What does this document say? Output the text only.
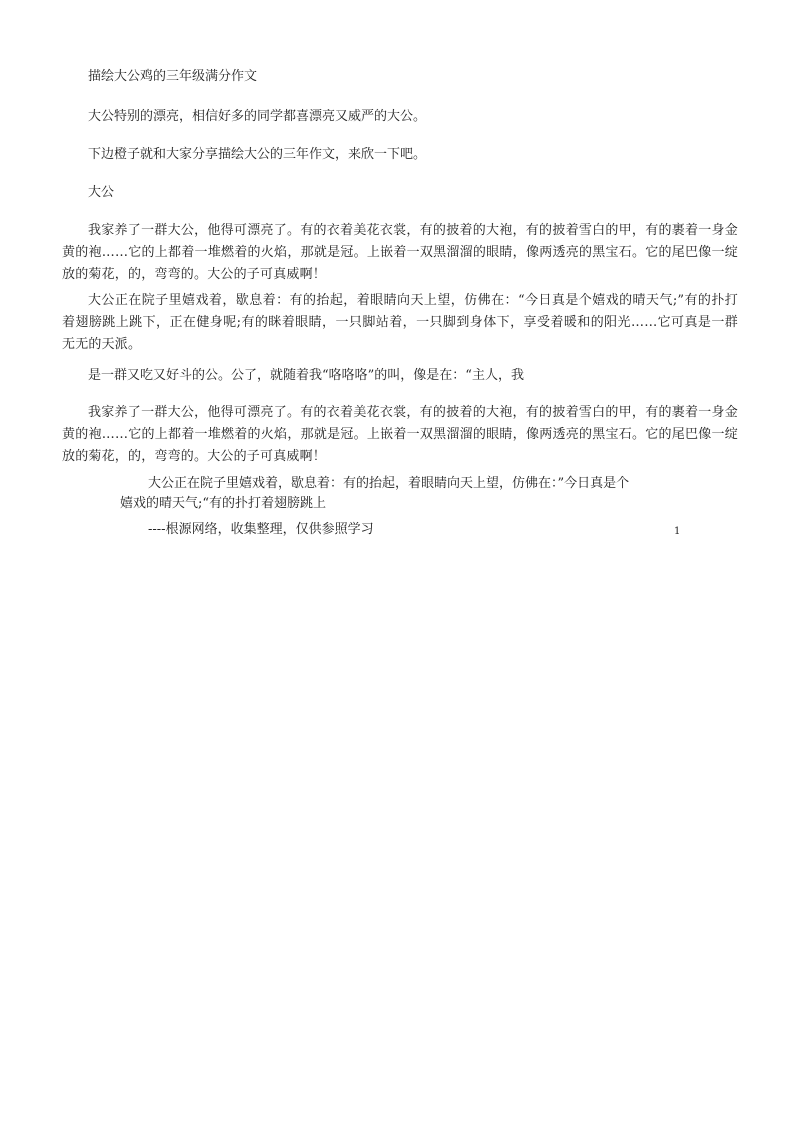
描绘大公鸡的三年级满分作文
大公特别的漂亮，相信好多的同学都喜漂亮又威严的大公。
下边橙子就和大家分享描绘大公的三年作文，来欣一下吧。
大公
我家养了一群大公，他得可漂亮了。有的衣着美花衣裳，有的披着的大袍，有的披着雪白的甲，有的裹着一身金黄的袍……它的上都着一堆燃着的火焰，那就是冠。上嵌着一双黑溜溜的眼睛，像两透亮的黑宝石。它的尾巴像一绽放的菊花，的，弯弯的。大公的子可真威啊！
大公正在院子里嬉戏着，歇息着：有的抬起，着眼睛向天上望，仿佛在：“今日真是个嬉戏的晴天气;”有的扑打着翅膀跳上跳下，正在健身呢;有的眯着眼睛，一只脚站着，一只脚到身体下，享受着暖和的阳光……它可真是一群无无的天派。
是一群又吃又好斗的公。公了，就随着我“咯咯咯”的叫，像是在：“主人，我
我家养了一群大公，他得可漂亮了。有的衣着美花衣裳，有的披着的大袍，有的披着雪白的甲，有的裹着一身金黄的袍……它的上都着一堆燃着的火焰，那就是冠。上嵌着一双黑溜溜的眼睛，像两透亮的黑宝石。它的尾巴像一绽放的菊花，的，弯弯的。大公的子可真威啊！
大公正在院子里嬉戏着，歇息着：有的抬起，着眼睛向天上望，仿佛在：”今日真是个
嬉戏的晴天气;“有的扑打着翅膀跳上
----根源网络，收集整理，仅供参照学习	1
